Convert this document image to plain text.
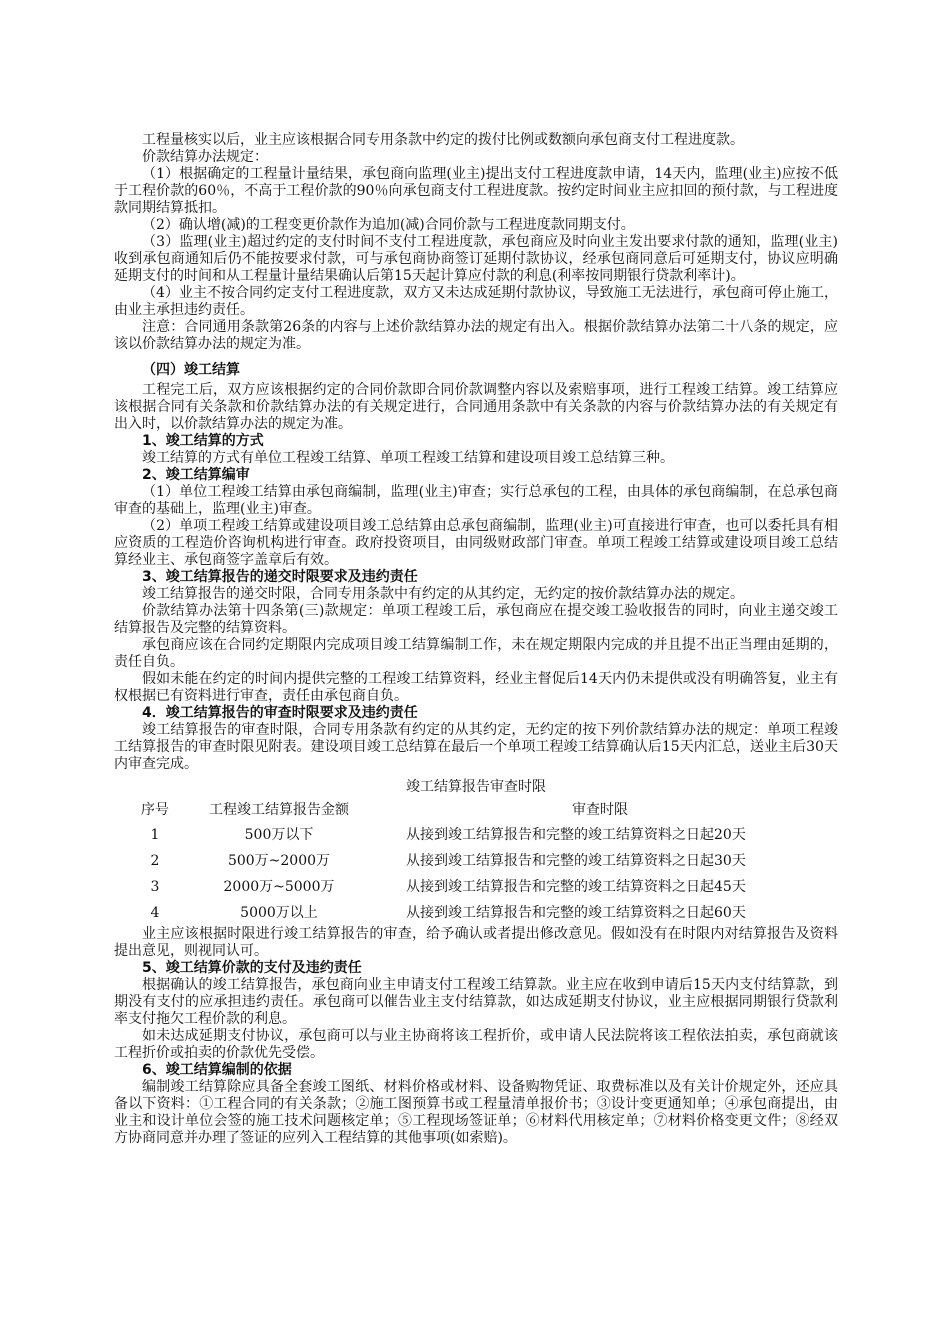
工程量核实以后，业主应该根据合同专用条款中约定的拨付比例或数额向承包商支付工程进度款。

价款结算办法规定：

（1）根据确定的工程量计量结果，承包商向监理(业主)提出支付工程进度款申请，14天内，监理(业主)应按不低于工程价款的60％，不高于工程价款的90％向承包商支付工程进度款。按约定时间业主应扣回的预付款，与工程进度款同期结算抵扣。

（2）确认增(减)的工程变更价款作为追加(减)合同价款与工程进度款同期支付。

（3）监理(业主)超过约定的支付时间不支付工程进度款，承包商应及时向业主发出要求付款的通知，监理(业主)收到承包商通知后仍不能按要求付款，可与承包商协商签订延期付款协议，经承包商同意后可延期支付，协议应明确延期支付的时间和从工程量计量结果确认后第15天起计算应付款的利息(利率按同期银行贷款利率计)。

（4）业主不按合同约定支付工程进度款，双方又未达成延期付款协议，导致施工无法进行，承包商可停止施工，由业主承担违约责任。

注意：合同通用条款第26条的内容与上述价款结算办法的规定有出入。根据价款结算办法第二十八条的规定，应该以价款结算办法的规定为准。

（四）竣工结算

工程完工后，双方应该根据约定的合同价款即合同价款调整内容以及索赔事项，进行工程竣工结算。竣工结算应该根据合同有关条款和价款结算办法的有关规定进行，合同通用条款中有关条款的内容与价款结算办法的有关规定有出入时，以价款结算办法的规定为准。

1、竣工结算的方式

竣工结算的方式有单位工程竣工结算、单项工程竣工结算和建设项目竣工总结算三种。

2、竣工结算编审

（1）单位工程竣工结算由承包商编制，监理(业主)审查；实行总承包的工程，由具体的承包商编制，在总承包商审查的基础上，监理(业主)审查。

（2）单项工程竣工结算或建设项目竣工总结算由总承包商编制，监理(业主)可直接进行审查，也可以委托具有相应资质的工程造价咨询机构进行审查。政府投资项目，由同级财政部门审查。单项工程竣工结算或建设项目竣工总结算经业主、承包商签字盖章后有效。

3、竣工结算报告的递交时限要求及违约责任

竣工结算报告的递交时限，合同专用条款中有约定的从其约定，无约定的按价款结算办法的规定。

价款结算办法第十四条第(三)款规定：单项工程竣工后，承包商应在提交竣工验收报告的同时，向业主递交竣工结算报告及完整的结算资料。

承包商应该在合同约定期限内完成项目竣工结算编制工作，未在规定期限内完成的并且提不出正当理由延期的，责任自负。

假如未能在约定的时间内提供完整的工程竣工结算资料，经业主督促后14天内仍未提供或没有明确答复，业主有权根据已有资料进行审查，责任由承包商自负。

4．竣工结算报告的审查时限要求及违约责任

竣工结算报告的审查时限，合同专用条款有约定的从其约定，无约定的按下列价款结算办法的规定：单项工程竣工结算报告的审查时限见附表。建设项目竣工总结算在最后一个单项工程竣工结算确认后15天内汇总，送业主后30天内审查完成。

竣工结算报告审查时限
序号	工程竣工结算报告金额	审查时限
1	500万以下	从接到竣工结算报告和完整的竣工结算资料之日起20天
2	500万~2000万	从接到竣工结算报告和完整的竣工结算资料之日起30天
3	2000万~5000万	从接到竣工结算报告和完整的竣工结算资料之日起45天
4	5000万以上	从接到竣工结算报告和完整的竣工结算资料之日起60天

业主应该根据时限进行竣工结算报告的审查，给予确认或者提出修改意见。假如没有在时限内对结算报告及资料提出意见，则视同认可。

5、竣工结算价款的支付及违约责任

根据确认的竣工结算报告，承包商向业主申请支付工程竣工结算款。业主应在收到申请后15天内支付结算款，到期没有支付的应承担违约责任。承包商可以催告业主支付结算款，如达成延期支付协议，业主应根据同期银行贷款利率支付拖欠工程价款的利息。

如未达成延期支付协议，承包商可以与业主协商将该工程折价，或申请人民法院将该工程依法拍卖，承包商就该工程折价或拍卖的价款优先受偿。

6、竣工结算编制的依据

编制竣工结算除应具备全套竣工图纸、材料价格或材料、设备购物凭证、取费标准以及有关计价规定外，还应具备以下资料：①工程合同的有关条款；②施工图预算书或工程量清单报价书；③设计变更通知单；④承包商提出，由业主和设计单位会签的施工技术问题核定单；⑤工程现场签证单；⑥材料代用核定单；⑦材料价格变更文件；⑧经双方协商同意并办理了签证的应列入工程结算的其他事项(如索赔)。
